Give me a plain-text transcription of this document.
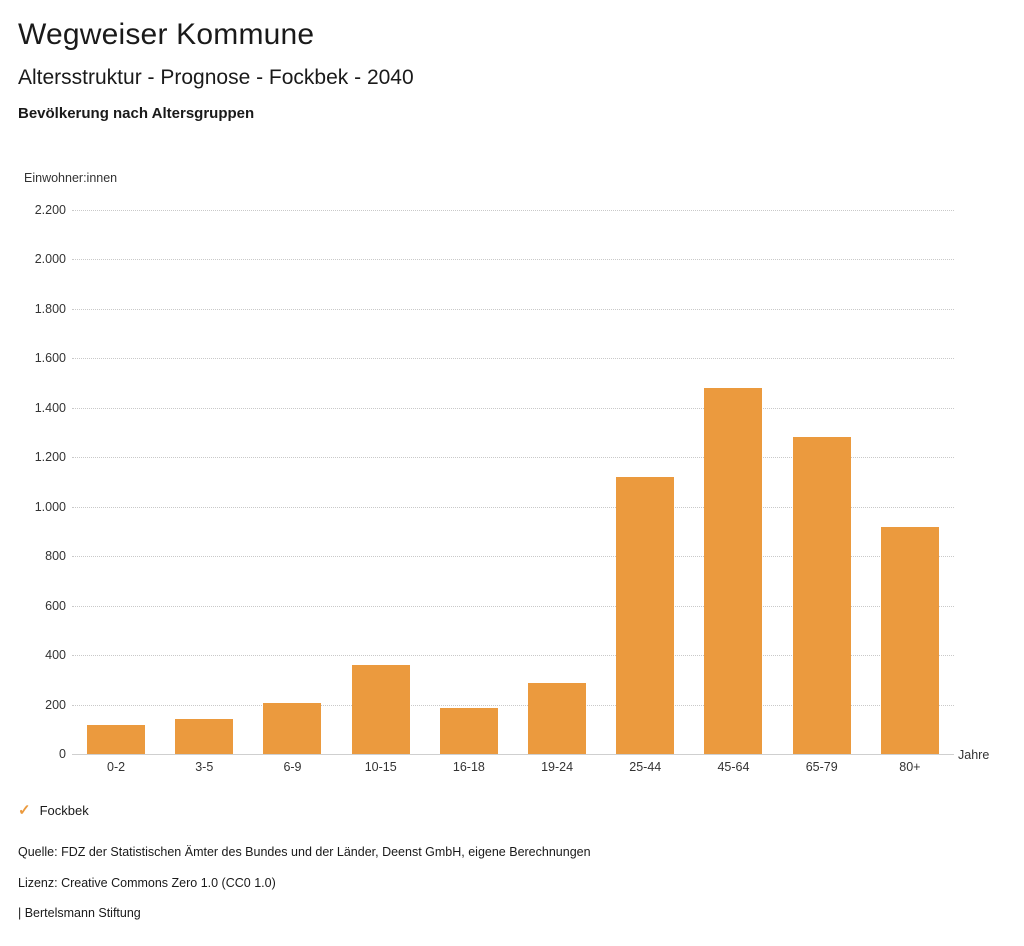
Wegweiser Kommune
Altersstruktur - Prognose - Fockbek - 2040
Bevölkerung nach Altersgruppen
Einwohner:innen
0
200
400
600
800
1.000
1.200
1.400
1.600
1.800
2.000
2.200
0-2	3-5	6-9	10-15	16-18	19-24	25-44	45-64	65-79	80+
Jahre
✓ Fockbek
Quelle: FDZ der Statistischen Ämter des Bundes und der Länder, Deenst GmbH, eigene Berechnungen
Lizenz: Creative Commons Zero 1.0 (CC0 1.0)
| Bertelsmann Stiftung
